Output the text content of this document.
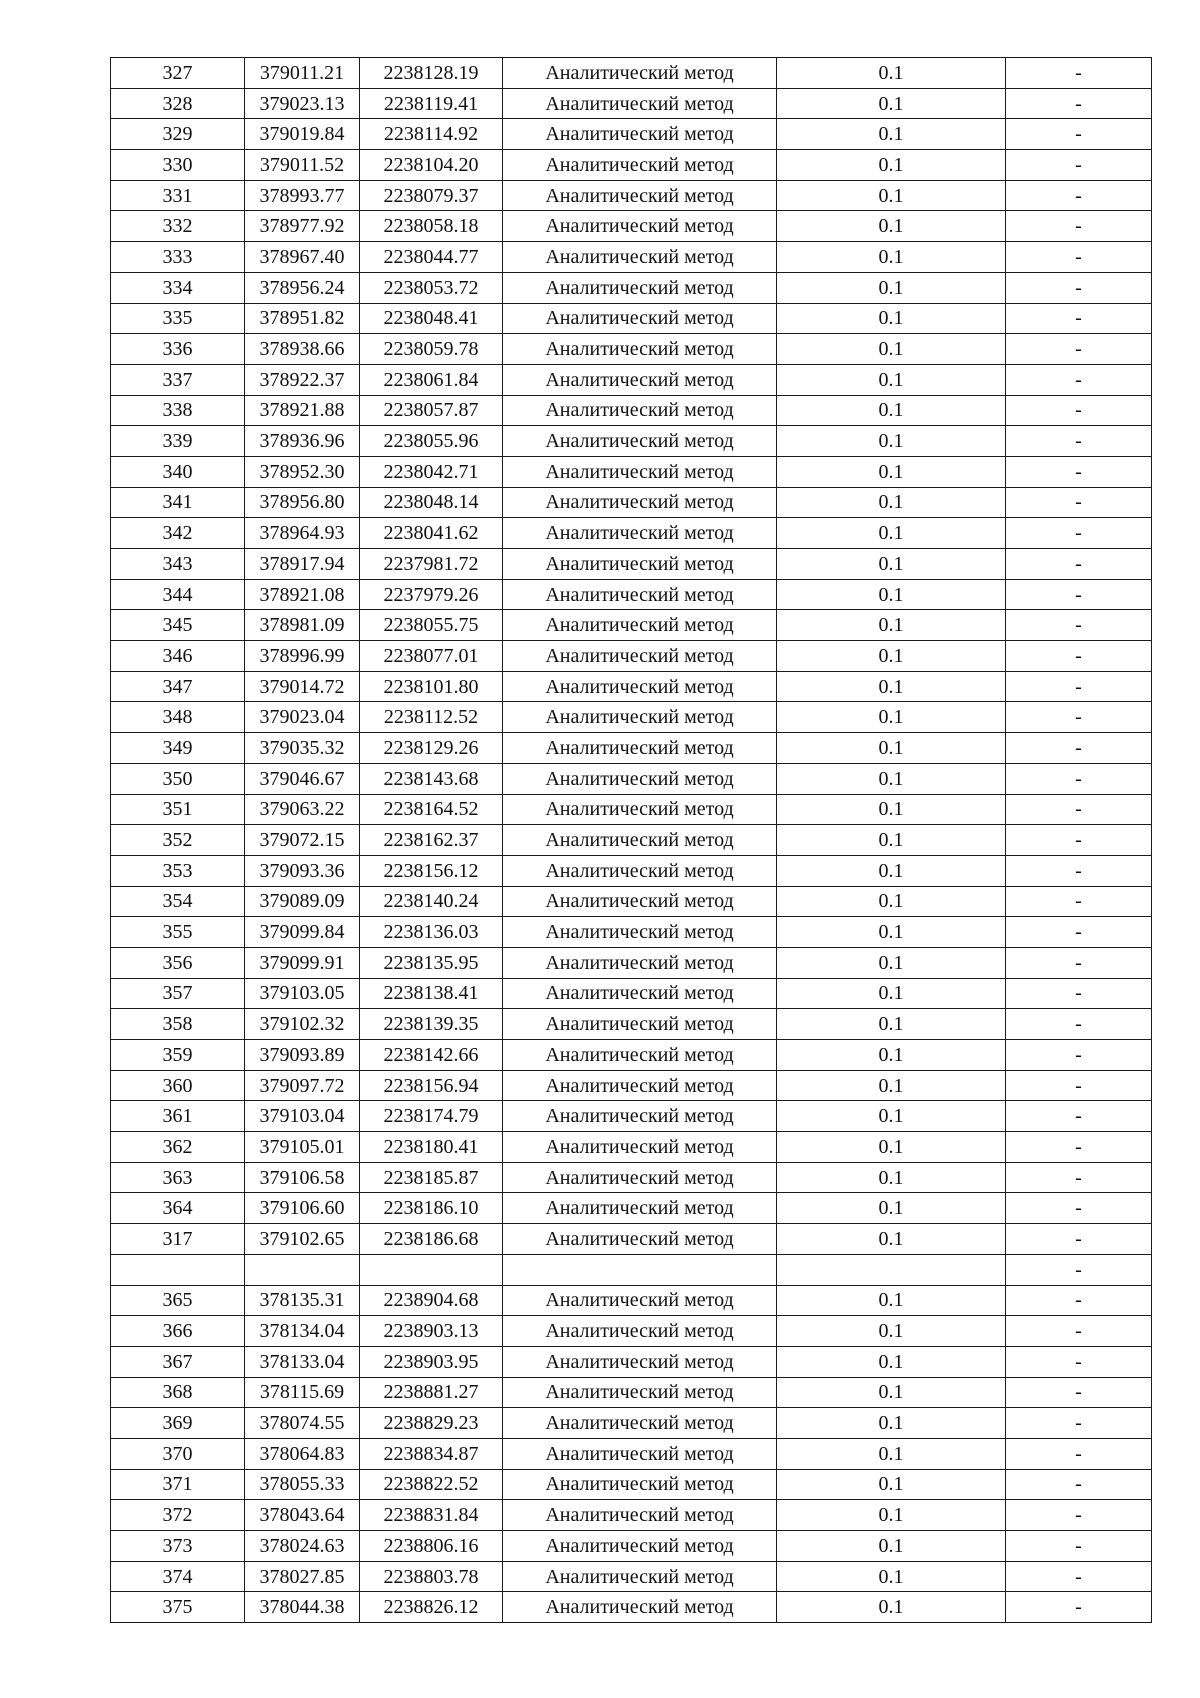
327	379011.21	2238128.19	Аналитический метод	0.1	-
328	379023.13	2238119.41	Аналитический метод	0.1	-
329	379019.84	2238114.92	Аналитический метод	0.1	-
330	379011.52	2238104.20	Аналитический метод	0.1	-
331	378993.77	2238079.37	Аналитический метод	0.1	-
332	378977.92	2238058.18	Аналитический метод	0.1	-
333	378967.40	2238044.77	Аналитический метод	0.1	-
334	378956.24	2238053.72	Аналитический метод	0.1	-
335	378951.82	2238048.41	Аналитический метод	0.1	-
336	378938.66	2238059.78	Аналитический метод	0.1	-
337	378922.37	2238061.84	Аналитический метод	0.1	-
338	378921.88	2238057.87	Аналитический метод	0.1	-
339	378936.96	2238055.96	Аналитический метод	0.1	-
340	378952.30	2238042.71	Аналитический метод	0.1	-
341	378956.80	2238048.14	Аналитический метод	0.1	-
342	378964.93	2238041.62	Аналитический метод	0.1	-
343	378917.94	2237981.72	Аналитический метод	0.1	-
344	378921.08	2237979.26	Аналитический метод	0.1	-
345	378981.09	2238055.75	Аналитический метод	0.1	-
346	378996.99	2238077.01	Аналитический метод	0.1	-
347	379014.72	2238101.80	Аналитический метод	0.1	-
348	379023.04	2238112.52	Аналитический метод	0.1	-
349	379035.32	2238129.26	Аналитический метод	0.1	-
350	379046.67	2238143.68	Аналитический метод	0.1	-
351	379063.22	2238164.52	Аналитический метод	0.1	-
352	379072.15	2238162.37	Аналитический метод	0.1	-
353	379093.36	2238156.12	Аналитический метод	0.1	-
354	379089.09	2238140.24	Аналитический метод	0.1	-
355	379099.84	2238136.03	Аналитический метод	0.1	-
356	379099.91	2238135.95	Аналитический метод	0.1	-
357	379103.05	2238138.41	Аналитический метод	0.1	-
358	379102.32	2238139.35	Аналитический метод	0.1	-
359	379093.89	2238142.66	Аналитический метод	0.1	-
360	379097.72	2238156.94	Аналитический метод	0.1	-
361	379103.04	2238174.79	Аналитический метод	0.1	-
362	379105.01	2238180.41	Аналитический метод	0.1	-
363	379106.58	2238185.87	Аналитический метод	0.1	-
364	379106.60	2238186.10	Аналитический метод	0.1	-
317	379102.65	2238186.68	Аналитический метод	0.1	-
					-
365	378135.31	2238904.68	Аналитический метод	0.1	-
366	378134.04	2238903.13	Аналитический метод	0.1	-
367	378133.04	2238903.95	Аналитический метод	0.1	-
368	378115.69	2238881.27	Аналитический метод	0.1	-
369	378074.55	2238829.23	Аналитический метод	0.1	-
370	378064.83	2238834.87	Аналитический метод	0.1	-
371	378055.33	2238822.52	Аналитический метод	0.1	-
372	378043.64	2238831.84	Аналитический метод	0.1	-
373	378024.63	2238806.16	Аналитический метод	0.1	-
374	378027.85	2238803.78	Аналитический метод	0.1	-
375	378044.38	2238826.12	Аналитический метод	0.1	-
